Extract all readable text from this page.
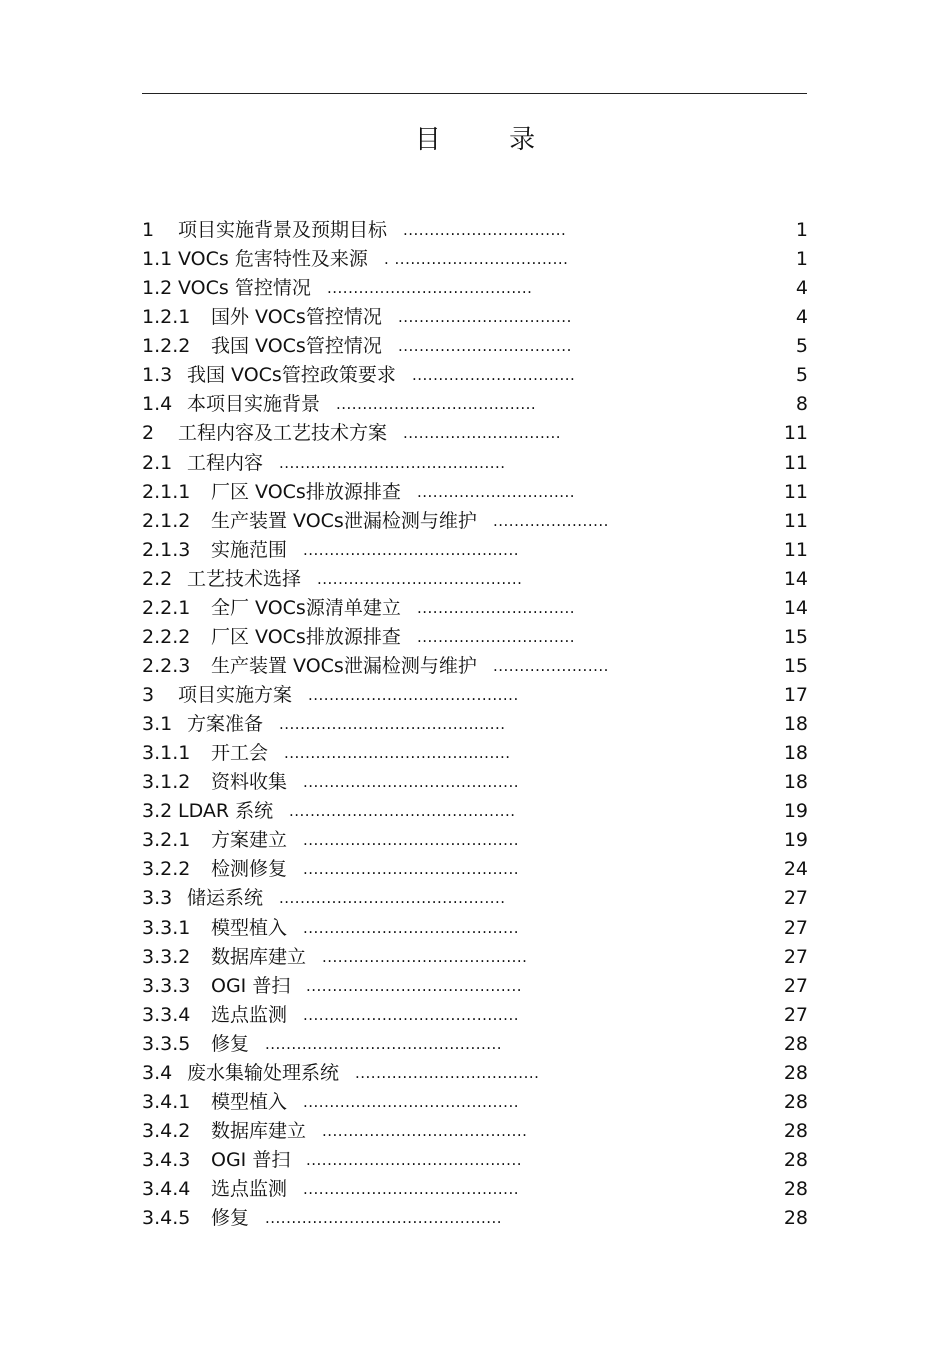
目 录
1 项目实施背景及预期目标 ...............................	1
1.1 VOCs 危害特性及来源 . .................................	1
1.2 VOCs 管控情况 .......................................	4
1.2.1 国外 VOCs管控情况 .................................	4
1.2.2 我国 VOCs管控情况 .................................	5
1.3 我国 VOCs管控政策要求 ...............................	5
1.4 本项目实施背景 ......................................	8
2 工程内容及工艺技术方案 ..............................	11
2.1 工程内容 ...........................................	11
2.1.1 厂区 VOCs排放源排查 ..............................	11
2.1.2 生产装置 VOCs泄漏检测与维护 ......................	11
2.1.3 实施范围 .........................................	11
2.2 工艺技术选择 .......................................	14
2.2.1 全厂 VOCs源清单建立 ..............................	14
2.2.2 厂区 VOCs排放源排查 ..............................	15
2.2.3 生产装置 VOCs泄漏检测与维护 ......................	15
3 项目实施方案 ........................................	17
3.1 方案准备 ...........................................	18
3.1.1 开工会 ...........................................	18
3.1.2 资料收集 .........................................	18
3.2 LDAR 系统 ...........................................	19
3.2.1 方案建立 .........................................	19
3.2.2 检测修复 .........................................	24
3.3 储运系统 ...........................................	27
3.3.1 模型植入 .........................................	27
3.3.2 数据库建立 .......................................	27
3.3.3 OGI 普扫 .........................................	27
3.3.4 选点监测 .........................................	27
3.3.5 修复 .............................................	28
3.4 废水集输处理系统 ...................................	28
3.4.1 模型植入 .........................................	28
3.4.2 数据库建立 .......................................	28
3.4.3 OGI 普扫 .........................................	28
3.4.4 选点监测 .........................................	28
3.4.5 修复 .............................................	28
